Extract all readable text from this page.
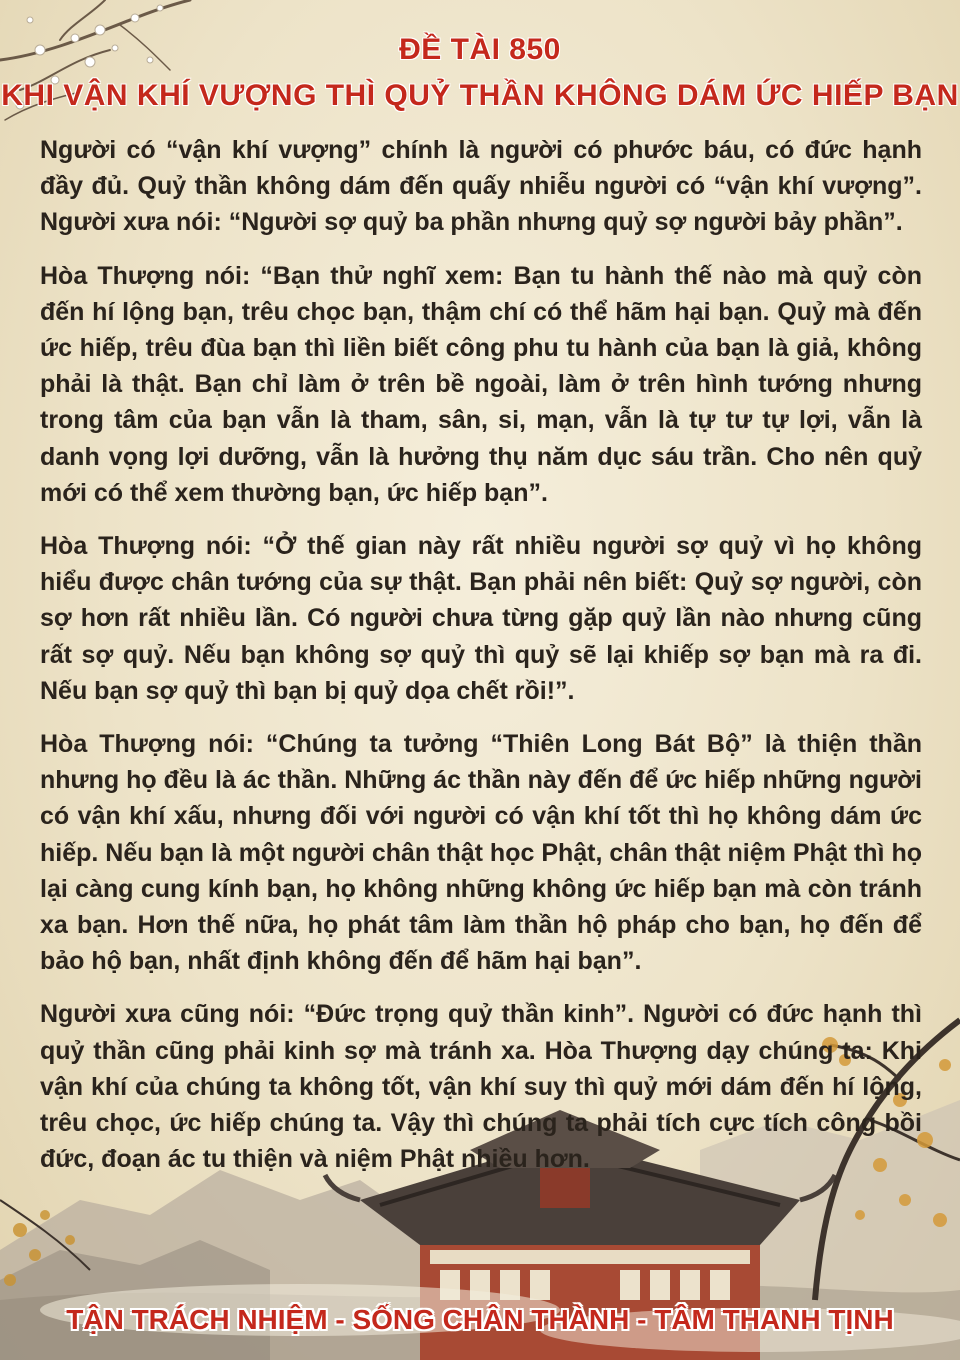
ĐỀ TÀI 850
KHI VẬN KHÍ VƯỢNG THÌ QUỶ THẦN KHÔNG DÁM ỨC HIẾP BẠN

Người có “vận khí vượng” chính là người có phước báu, có đức hạnh đầy đủ. Quỷ thần không dám đến quấy nhiễu người có “vận khí vượng”. Người xưa nói: “Người sợ quỷ ba phần nhưng quỷ sợ người bảy phần”.

Hòa Thượng nói: “Bạn thử nghĩ xem: Bạn tu hành thế nào mà quỷ còn đến hí lộng bạn, trêu chọc bạn, thậm chí có thể hãm hại bạn. Quỷ mà đến ức hiếp, trêu đùa bạn thì liền biết công phu tu hành của bạn là giả, không phải là thật. Bạn chỉ làm ở trên bề ngoài, làm ở trên hình tướng nhưng trong tâm của bạn vẫn là tham, sân, si, mạn, vẫn là tự tư tự lợi, vẫn là danh vọng lợi dưỡng, vẫn là hưởng thụ năm dục sáu trần. Cho nên quỷ mới có thể xem thường bạn, ức hiếp bạn”.

Hòa Thượng nói: “Ở thế gian này rất nhiều người sợ quỷ vì họ không hiểu được chân tướng của sự thật. Bạn phải nên biết: Quỷ sợ người, còn sợ hơn rất nhiều lần. Có người chưa từng gặp quỷ lần nào nhưng cũng rất sợ quỷ. Nếu bạn không sợ quỷ thì quỷ sẽ lại khiếp sợ bạn mà ra đi. Nếu bạn sợ quỷ thì bạn bị quỷ dọa chết rồi!”.

Hòa Thượng nói: “Chúng ta tưởng “Thiên Long Bát Bộ” là thiện thần nhưng họ đều là ác thần. Những ác thần này đến để ức hiếp những người có vận khí xấu, nhưng đối với người có vận khí tốt thì họ không dám ức hiếp. Nếu bạn là một người chân thật học Phật, chân thật niệm Phật thì họ lại càng cung kính bạn, họ không những không ức hiếp bạn mà còn tránh xa bạn. Hơn thế nữa, họ phát tâm làm thần hộ pháp cho bạn, họ đến để bảo hộ bạn, nhất định không đến để hãm hại bạn”.

Người xưa cũng nói: “Đức trọng quỷ thần kinh”. Người có đức hạnh thì quỷ thần cũng phải kinh sợ mà tránh xa. Hòa Thượng dạy chúng ta: Khi vận khí của chúng ta không tốt, vận khí suy thì quỷ mới dám đến hí lộng, trêu chọc, ức hiếp chúng ta. Vậy thì chúng ta phải tích cực tích công bồi đức, đoạn ác tu thiện và niệm Phật nhiều hơn.

TẬN TRÁCH NHIỆM - SỐNG CHÂN THÀNH - TÂM THANH TỊNH
